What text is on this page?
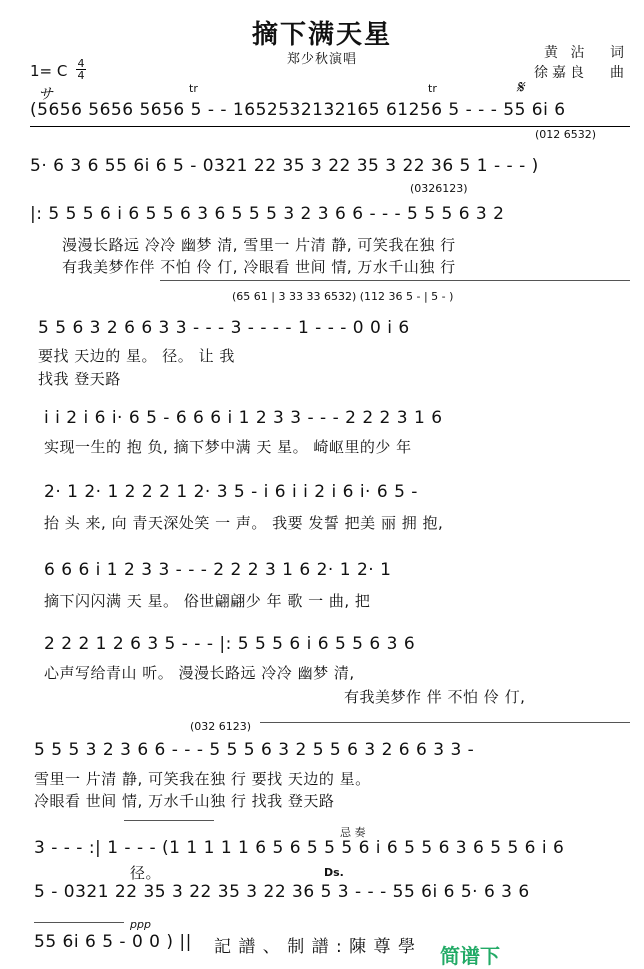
摘下满天星
郑少秋演唱	黄 沾 词
徐嘉良 曲
1= C 4
4
サ	𝄋
tr	tr
(5656 5656 5656 5 - - 1652532132165 61256 5 - - - 55 6i 6
(012 6532)
5· 6 3 6 55 6i 6 5 - 0321 22 35 3 22 35 3 22 36 5 1 - - - )
(0326123)
|: 5 5 5 6 i 6 5 5 6 3 6 5 5 5 3 2 3 6 6 - - - 5 5 5 6 3 2
漫漫长路远 冷冷 幽梦 清, 雪里一 片清 静, 可笑我在独 行
有我美梦作伴 不怕 伶 仃, 冷眼看 世间 情, 万水千山独 行
(65 61 | 3 33 33 6532) (112 36 5 - | 5 - )
5 5 6 3 2 6 6 3 3 - - - 3 - - - - 1 - - - 0 0 i 6
要找 天边的 星。 径。 让 我
找我 登天路
i i 2 i 6 i· 6 5 - 6 6 6 i 1 2 3 3 - - - 2 2 2 3 1 6
实现一生的 抱 负, 摘下梦中满 天 星。 崎岖里的少 年
2· 1 2· 1 2 2 2 1 2· 3 5 - i 6 i i 2 i 6 i· 6 5 -
抬 头 来, 向 青天深处笑 一 声。 我要 发誓 把美 丽 拥 抱,
6 6 6 i 1 2 3 3 - - - 2 2 2 3 1 6 2· 1 2· 1
摘下闪闪满 天 星。 俗世翩翩少 年 歌 一 曲, 把
2 2 2 1 2 6 3 5 - - - |: 5 5 5 6 i 6 5 5 6 3 6
心声写给青山 听。 漫漫长路远 冷冷 幽梦 清,
有我美梦作 伴 不怕 伶 仃,
(032 6123)
5 5 5 3 2 3 6 6 - - - 5 5 5 6 3 2 5 5 6 3 2 6 6 3 3 -
雪里一 片清 静, 可笑我在独 行 要找 天边的 星。
冷眼看 世间 情, 万水千山独 行 找我 登天路
忌 奏
3 - - - :| 1 - - - (1 1 1 1 1 6 5 6 5 5 5 6 i 6 5 5 6 3 6 5 5 6 i 6
径。	Ds.
5 - 0321 22 35 3 22 35 3 22 36 5 3 - - - 55 6i 6 5· 6 3 6
ppp
55 6i 6 5 - 0 0 ) || 記 譜 、 制 譜 : 陳 尊 學 简谱下
